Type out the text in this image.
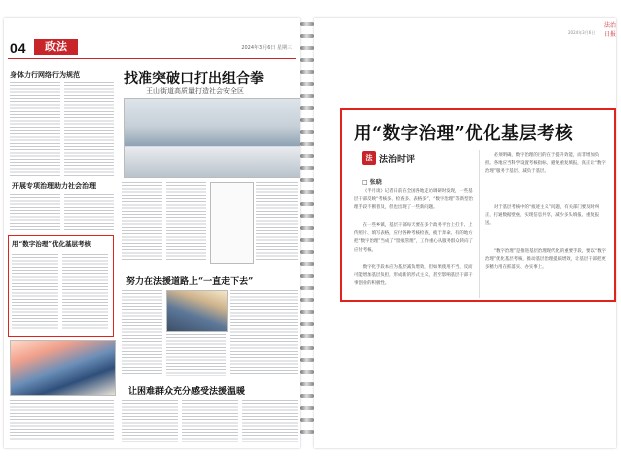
04	政法	2024年3月6日 星期三
身体力行网络行为规范
开展专项治理助力社会治理
用“数字治理”优化基层考核
找准突破口打出组合拳
王山街道高质量打造社会安全区
努力在法援道路上“一直走下去”
让困难群众充分感受法援温暖
法治日报
2024年3月6日
用“数字治理”优化基层考核
法 法治时评
□ 张晓

《半月谈》记者日前在全国各地走访调研时发现，一些基层干部反映“考核多、检查多、表格多”，“数字治理”等新型治理手段不断普及，但也出现了一些新问题。

在一些乡镇，基层干部每天要在多个政务平台上打卡、上传照片、填写表格，应付各种考核检查，疲于奔命。有的地方把“数字治理”当成了“留痕管理”，工作重心从服务群众转向了应付考核。

数字化手段本应为基层减负增效，但如果使用不当，反而可能增加基层负担，形成新的形式主义，甚至影响基层干部干事创业的积极性。

必须明确，数字治理的目的在于提升效能，而非增加负担。各地应当科学设置考核指标，避免重复填报，真正让“数字治理”服务于基层、减负于基层。

对于基层考核中的“痕迹主义”问题，有关部门要及时纠正，打通数据壁垒，实现信息共享，减少多头填报、重复报送。

“数字治理”是推进基层治理现代化的重要手段，要以“数字治理”优化基层考核，推动基层治理提质增效，让基层干部把更多精力用在抓落实、办实事上。
